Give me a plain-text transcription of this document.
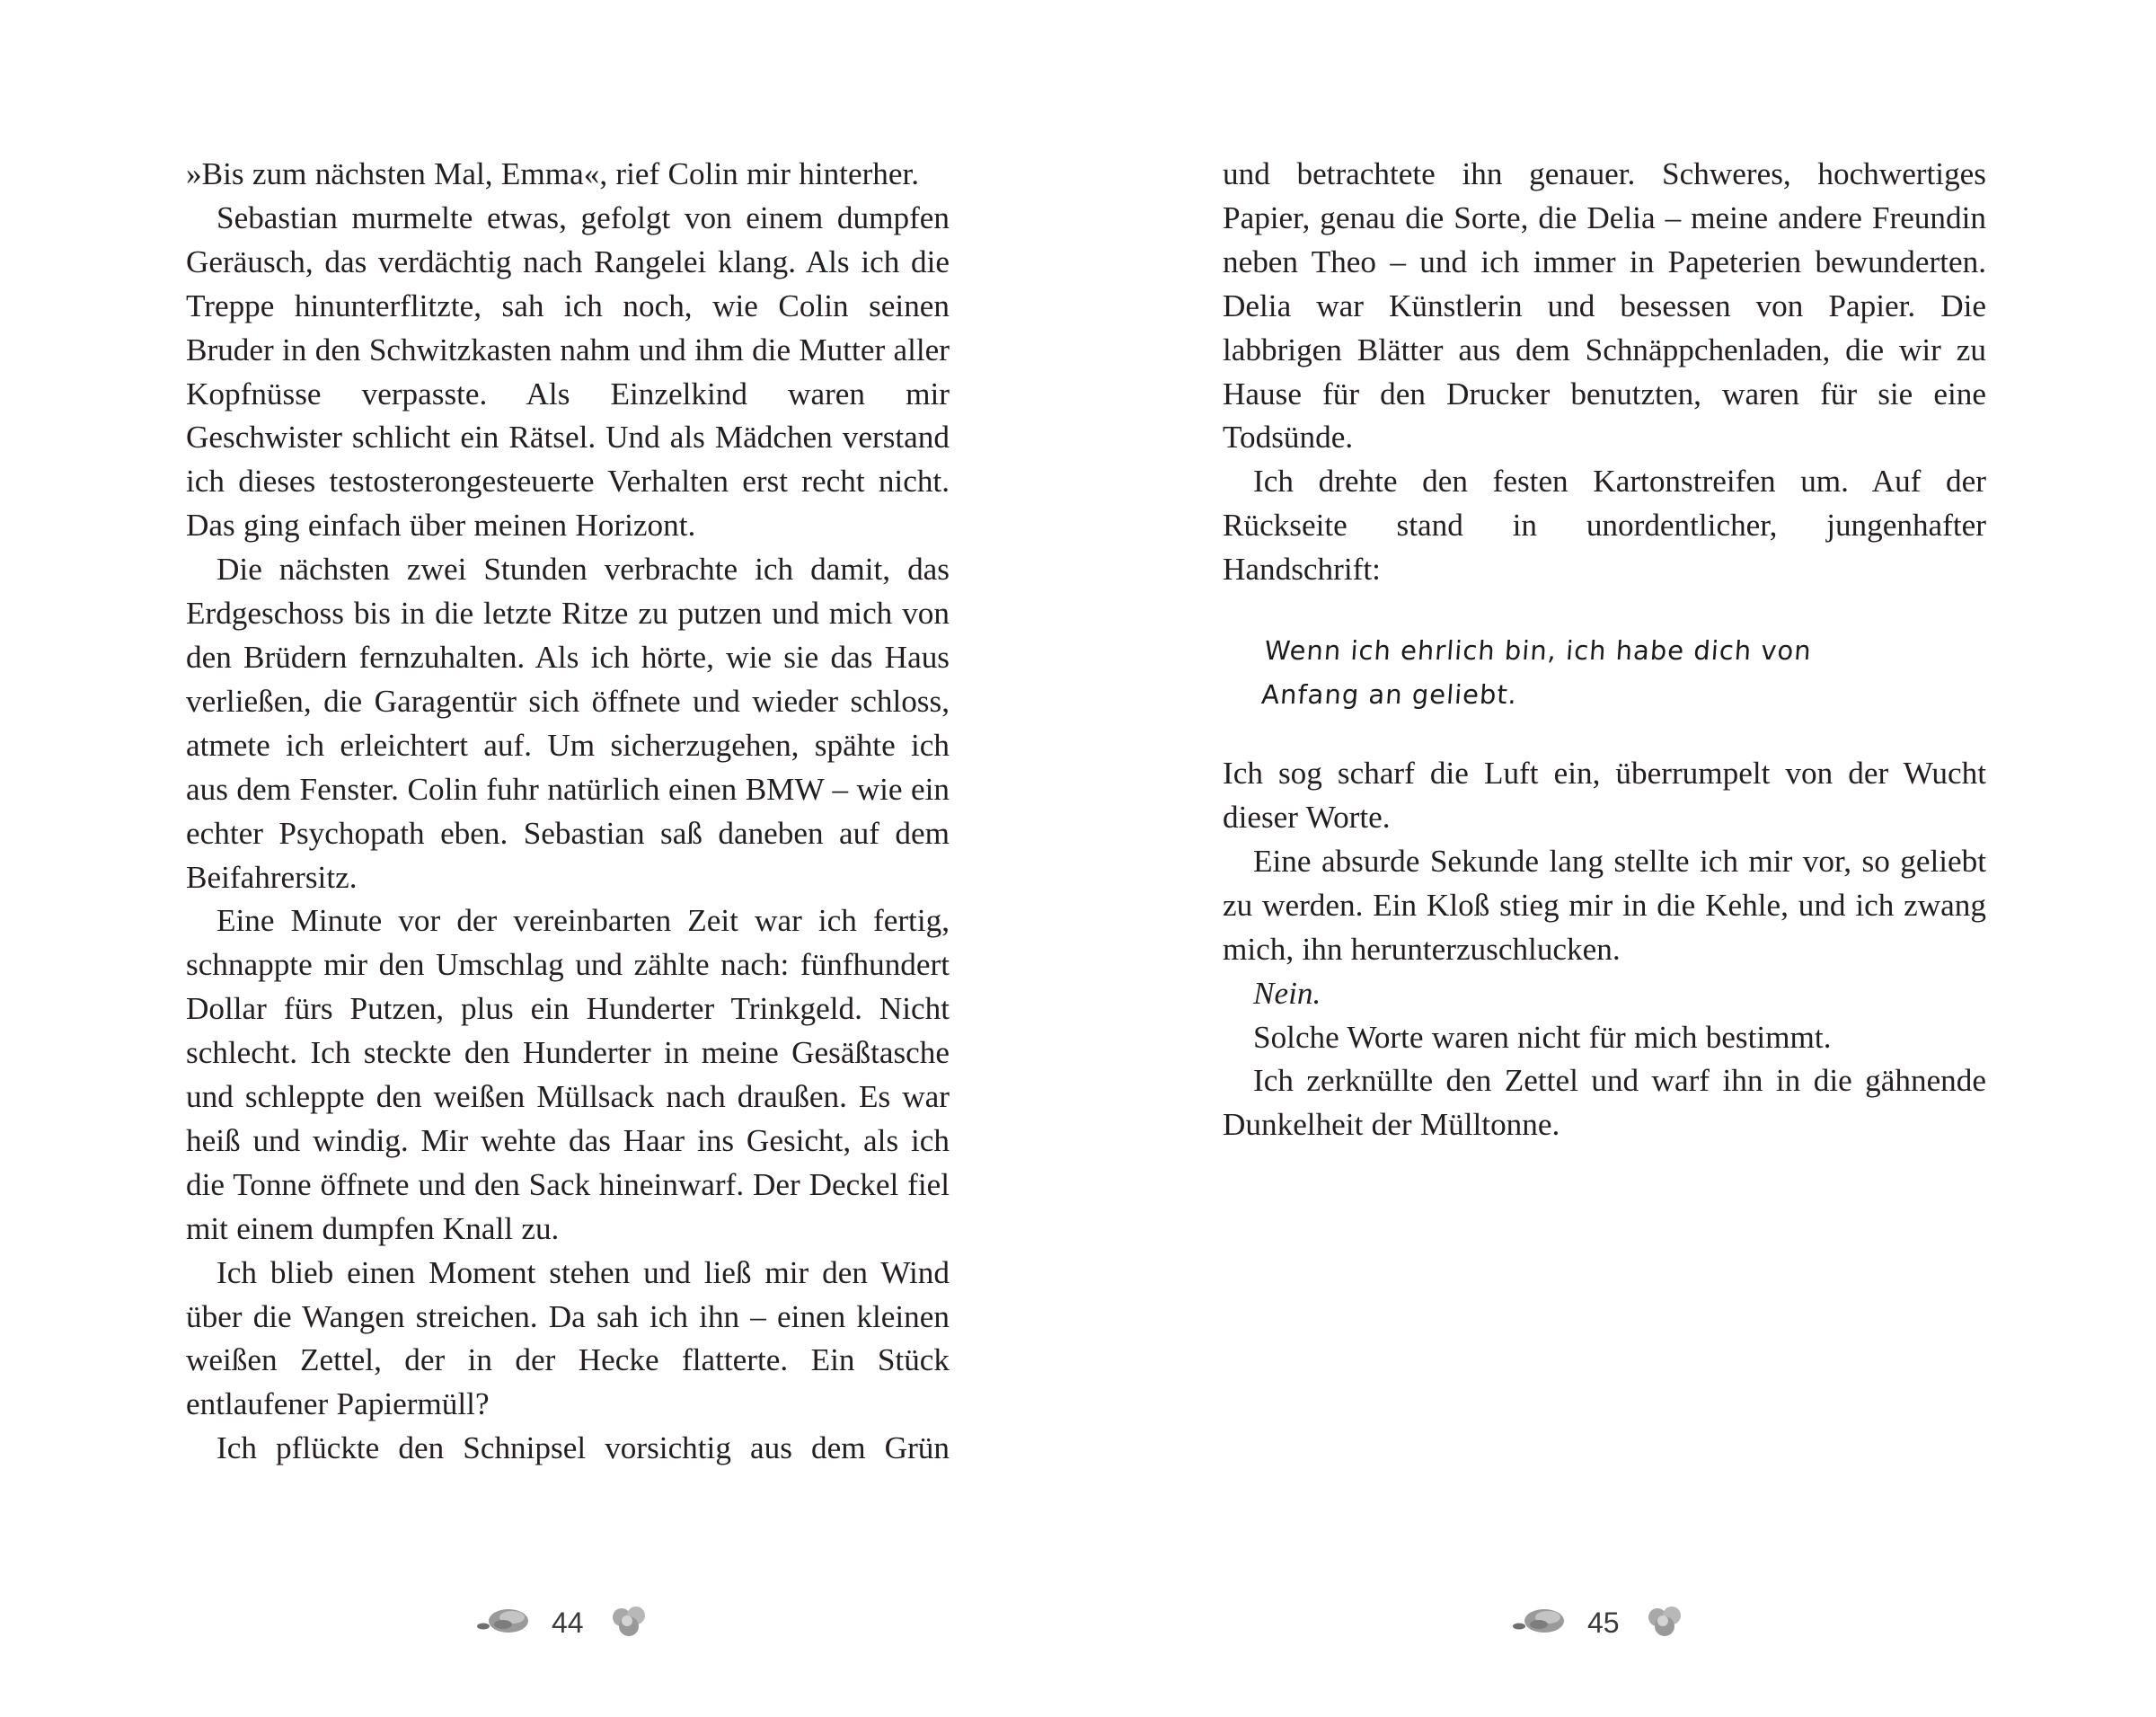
»Bis zum nächsten Mal, Emma«, rief Colin mir hinterher.

Sebastian murmelte etwas, gefolgt von einem dumpfen Geräusch, das verdächtig nach Rangelei klang. Als ich die Treppe hinunterflitzte, sah ich noch, wie Colin seinen Bruder in den Schwitzkasten nahm und ihm die Mutter aller Kopfnüsse verpasste. Als Einzelkind waren mir Geschwister schlicht ein Rätsel. Und als Mädchen verstand ich dieses testosterongesteuerte Verhalten erst recht nicht. Das ging einfach über meinen Horizont.

Die nächsten zwei Stunden verbrachte ich damit, das Erdgeschoss bis in die letzte Ritze zu putzen und mich von den Brüdern fernzuhalten. Als ich hörte, wie sie das Haus verließen, die Garagentür sich öffnete und wieder schloss, atmete ich erleichtert auf. Um sicherzugehen, spähte ich aus dem Fenster. Colin fuhr natürlich einen BMW – wie ein echter Psychopath eben. Sebastian saß daneben auf dem Beifahrersitz.

Eine Minute vor der vereinbarten Zeit war ich fertig, schnappte mir den Umschlag und zählte nach: fünfhundert Dollar fürs Putzen, plus ein Hunderter Trinkgeld. Nicht schlecht. Ich steckte den Hunderter in meine Gesäßtasche und schleppte den weißen Müllsack nach draußen. Es war heiß und windig. Mir wehte das Haar ins Gesicht, als ich die Tonne öffnete und den Sack hineinwarf. Der Deckel fiel mit einem dumpfen Knall zu.

Ich blieb einen Moment stehen und ließ mir den Wind über die Wangen streichen. Da sah ich ihn – einen kleinen weißen Zettel, der in der Hecke flatterte. Ein Stück entlaufener Papiermüll?

Ich pflückte den Schnipsel vorsichtig aus dem Grün

und betrachtete ihn genauer. Schweres, hochwertiges Papier, genau die Sorte, die Delia – meine andere Freundin neben Theo – und ich immer in Papeterien bewunderten. Delia war Künstlerin und besessen von Papier. Die labbrigen Blätter aus dem Schnäppchenladen, die wir zu Hause für den Drucker benutzten, waren für sie eine Todsünde.

Ich drehte den festen Kartonstreifen um. Auf der Rückseite stand in unordentlicher, jungenhafter Handschrift:

Wenn ich ehrlich bin, ich habe dich von

Anfang an geliebt.

Ich sog scharf die Luft ein, überrumpelt von der Wucht dieser Worte.

Eine absurde Sekunde lang stellte ich mir vor, so geliebt zu werden. Ein Kloß stieg mir in die Kehle, und ich zwang mich, ihn herunterzuschlucken.

Nein.

Solche Worte waren nicht für mich bestimmt.

Ich zerknüllte den Zettel und warf ihn in die gähnende Dunkelheit der Mülltonne.

44	45
